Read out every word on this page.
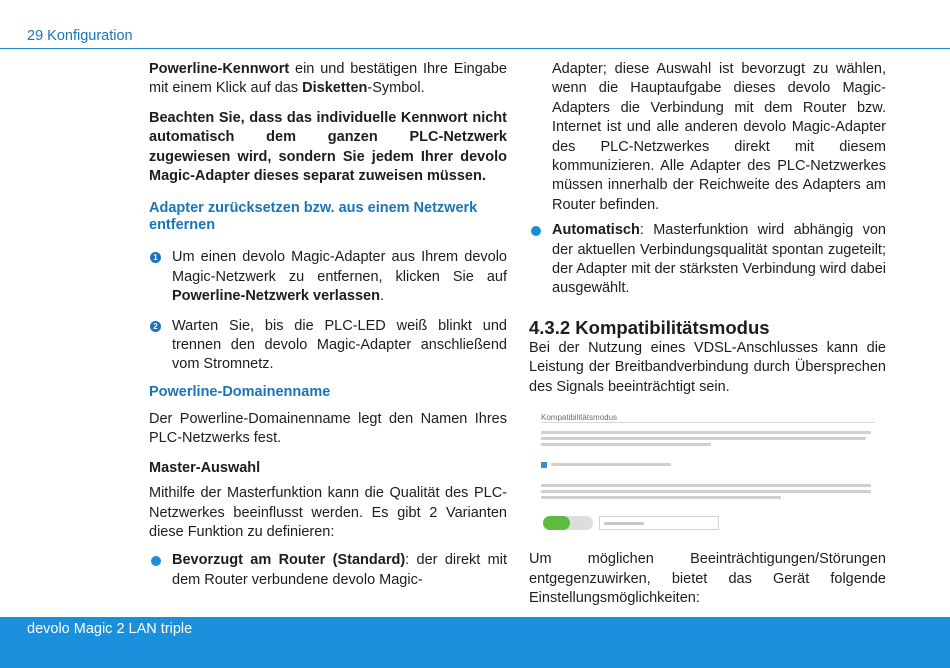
29 Konfiguration

Powerline-Kennwort ein und bestätigen Ihre Eingabe mit einem Klick auf das Disketten-Symbol.

Beachten Sie, dass das individuelle Kennwort nicht automatisch dem ganzen PLC-Netzwerk zugewiesen wird, sondern Sie jedem Ihrer devolo Magic-Adapter dieses separat zuweisen müssen.

Adapter zurücksetzen bzw. aus einem Netzwerk entfernen

1 Um einen devolo Magic-Adapter aus Ihrem devolo Magic-Netzwerk zu entfernen, klicken Sie auf Powerline-Netzwerk verlassen.

2 Warten Sie, bis die PLC-LED weiß blinkt und trennen den devolo Magic-Adapter anschließend vom Stromnetz.

Powerline-Domainenname

Der Powerline-Domainenname legt den Namen Ihres PLC-Netzwerks fest.

Master-Auswahl

Mithilfe der Masterfunktion kann die Qualität des PLC-Netzwerkes beeinflusst werden. Es gibt 2 Varianten diese Funktion zu definieren:

Bevorzugt am Router (Standard): der direkt mit dem Router verbundene devolo Magic-

Adapter; diese Auswahl ist bevorzugt zu wählen, wenn die Hauptaufgabe dieses devolo Magic-Adapters die Verbindung mit dem Router bzw. Internet ist und alle anderen devolo Magic-Adapter des PLC-Netzwerkes direkt mit diesem kommunizieren. Alle Adapter des PLC-Netzwerkes müssen innerhalb der Reichweite des Adapters am Router befinden.

Automatisch: Masterfunktion wird abhängig von der aktuellen Verbindungsqualität spontan zugeteilt; der Adapter mit der stärksten Verbindung wird dabei ausgewählt.

4.3.2 Kompatibilitätsmodus

Bei der Nutzung eines VDSL-Anschlusses kann die Leistung der Breitbandverbindung durch Übersprechen des Signals beeinträchtigt sein.

Kompatibilitätsmodus

Um möglichen Beeinträchtigungen/Störungen entgegenzuwirken, bietet das Gerät folgende Einstellungsmöglichkeiten:

devolo Magic 2 LAN triple
